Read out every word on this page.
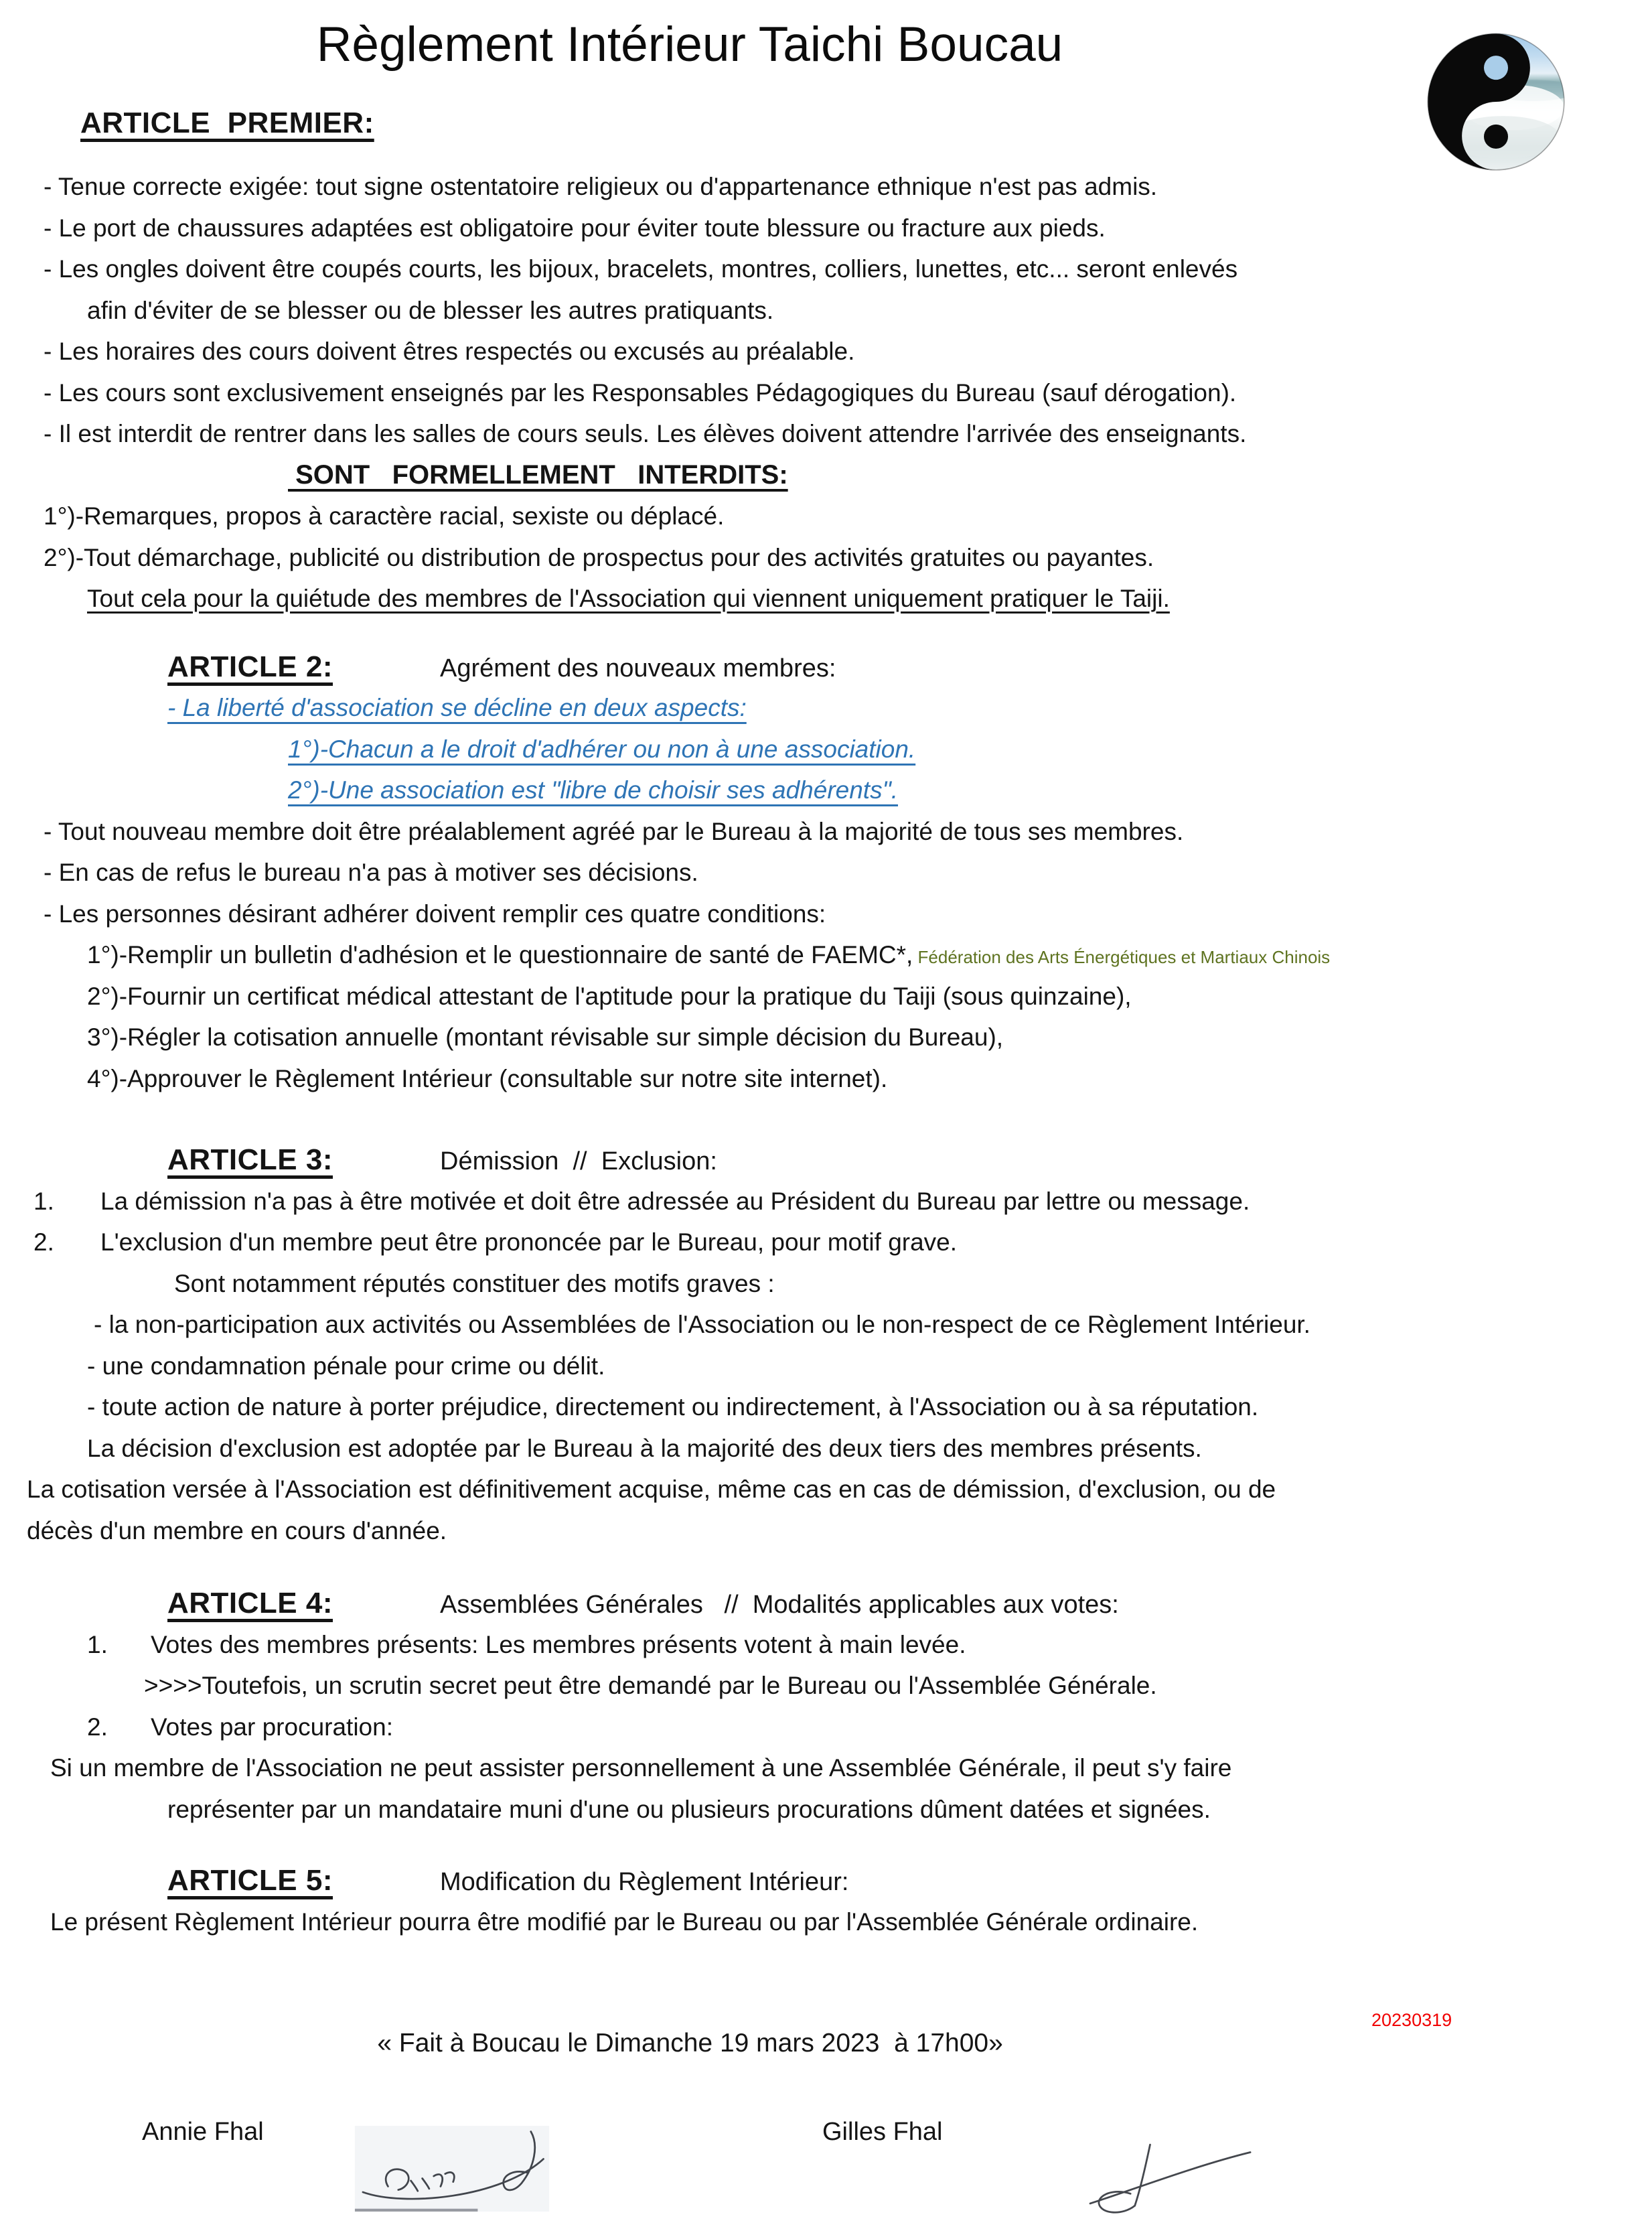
Règlement Intérieur Taichi Boucau
ARTICLE  PREMIER:
- Tenue correcte exigée: tout signe ostentatoire religieux ou d'appartenance ethnique n'est pas admis.
- Le port de chaussures adaptées est obligatoire pour éviter toute blessure ou fracture aux pieds.
- Les ongles doivent être coupés courts, les bijoux, bracelets, montres, colliers, lunettes, etc... seront enlevés
afin d'éviter de se blesser ou de blesser les autres pratiquants.
- Les horaires des cours doivent êtres respectés ou excusés au préalable.
- Les cours sont exclusivement enseignés par les Responsables Pédagogiques du Bureau (sauf dérogation).
- Il est interdit de rentrer dans les salles de cours seuls. Les élèves doivent attendre l'arrivée des enseignants.
SONT   FORMELLEMENT   INTERDITS:
1°)-Remarques, propos à caractère racial, sexiste ou déplacé.
2°)-Tout démarchage, publicité ou distribution de prospectus pour des activités gratuites ou payantes.
Tout cela pour la quiétude des membres de l'Association qui viennent uniquement pratiquer le Taiji.
ARTICLE 2:	Agrément des nouveaux membres:
- La liberté d'association se décline en deux aspects:
1°)-Chacun a le droit d'adhérer ou non à une association.
2°)-Une association est "libre de choisir ses adhérents".
- Tout nouveau membre doit être préalablement agréé par le Bureau à la majorité de tous ses membres.
- En cas de refus le bureau n'a pas à motiver ses décisions.
- Les personnes désirant adhérer doivent remplir ces quatre conditions:
1°)-Remplir un bulletin d'adhésion et le questionnaire de santé de FAEMC*, Fédération des Arts Énergétiques et Martiaux Chinois
2°)-Fournir un certificat médical attestant de l'aptitude pour la pratique du Taiji (sous quinzaine),
3°)-Régler la cotisation annuelle (montant révisable sur simple décision du Bureau),
4°)-Approuver le Règlement Intérieur (consultable sur notre site internet).
ARTICLE 3:	Démission  //  Exclusion:
1. La démission n'a pas à être motivée et doit être adressée au Président du Bureau par lettre ou message.
2. L'exclusion d'un membre peut être prononcée par le Bureau, pour motif grave.
Sont notamment réputés constituer des motifs graves :
- la non-participation aux activités ou Assemblées de l'Association ou le non-respect de ce Règlement Intérieur.
- une condamnation pénale pour crime ou délit.
- toute action de nature à porter préjudice, directement ou indirectement, à l'Association ou à sa réputation.
La décision d'exclusion est adoptée par le Bureau à la majorité des deux tiers des membres présents.
La cotisation versée à l'Association est définitivement acquise, même cas en cas de démission, d'exclusion, ou de
décès d'un membre en cours d'année.
ARTICLE 4:	Assemblées Générales   //  Modalités applicables aux votes:
1. Votes des membres présents: Les membres présents votent à main levée.
>>>>Toutefois, un scrutin secret peut être demandé par le Bureau ou l'Assemblée Générale.
2. Votes par procuration:
Si un membre de l'Association ne peut assister personnellement à une Assemblée Générale, il peut s'y faire
représenter par un mandataire muni d'une ou plusieurs procurations dûment datées et signées.
ARTICLE 5:	Modification du Règlement Intérieur:
Le présent Règlement Intérieur pourra être modifié par le Bureau ou par l'Assemblée Générale ordinaire.

« Fait à Boucau le Dimanche 19 mars 2023  à 17h00»

20230319

Annie Fhal	Gilles Fhal
